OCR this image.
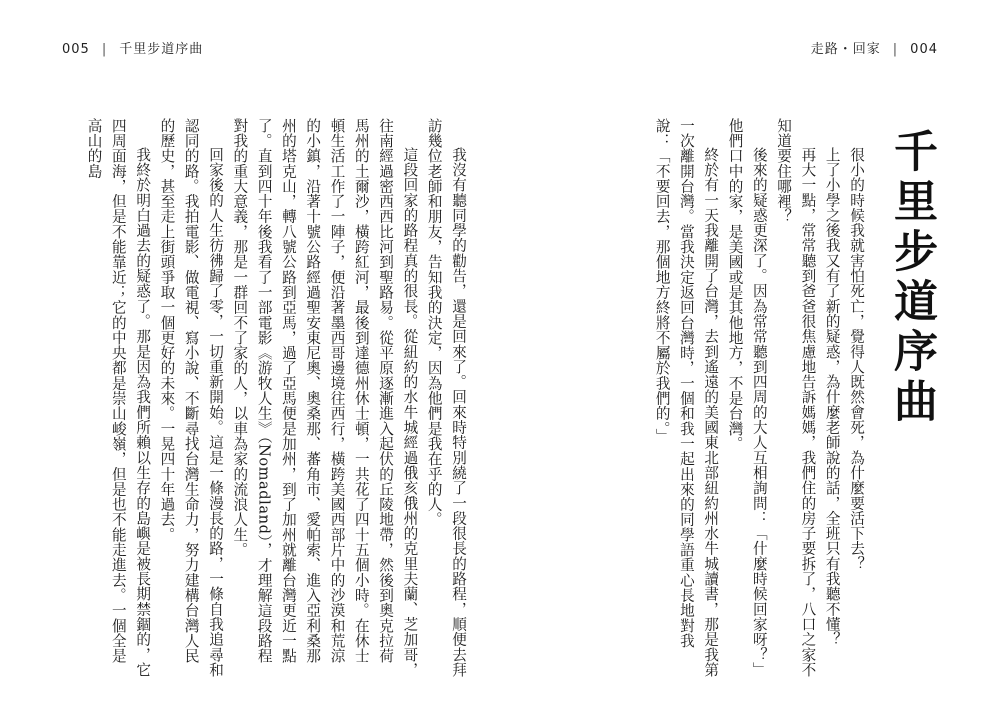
005 | 千里步道序曲	走路・回家 | 004
我沒有聽同學的勸告，還是回來了。回來時特別繞了一段很長的路程，順便去拜訪幾位老師和朋友，告知我的決定，因為他們是我在乎的人。
這段回家的路程真的很長。從紐約的水牛城經過俄亥俄州的克里夫蘭、芝加哥，往南經過密西西比河到聖路易。從平原逐漸進入起伏的丘陵地帶，然後到奧克拉荷馬州的土爾沙，橫跨紅河，最後到達德州休士頓，一共花了四十五個小時。在休士頓生活工作了一陣子，便沿著墨西哥邊境往西行，橫跨美國西部片中的沙漠和荒涼的小鎮，沿著十號公路經過聖安東尼奧、奧桑那、蕃角市、愛帕索、進入亞利桑那州的塔克山，轉八號公路到亞馬，過了亞馬便是加州，到了加州就離台灣更近一點了。直到四十年後我看了一部電影《游牧人生》（Nomadland），才理解這段路程對我的重大意義，那是一群回不了家的人，以車為家的流浪人生。
回家後的人生彷彿歸了零，一切重新開始。這是一條漫長的路，一條自我追尋和認同的路。我拍電影、做電視、寫小說、不斷尋找台灣生命力，努力建構台灣人民的歷史，甚至走上街頭爭取一個更好的未來。一晃四十年過去。
我終於明白過去的疑惑了。那是因為我們所賴以生存的島嶼是被長期禁錮的，它四周面海，但是不能靠近；它的中央都是崇山峻嶺，但是也不能走進去。一個全是高山的島	千里步道序曲
很小的時候我就害怕死亡，覺得人既然會死，為什麼要活下去？
上了小學之後我又有了新的疑惑，為什麼老師說的話，全班只有我聽不懂？
再大一點，常常聽到爸爸很焦慮地告訴媽媽，我們住的房子要拆了，八口之家不知道要住哪裡？
後來的疑惑更深了。因為常常聽到四周的大人互相詢問：「什麼時候回家呀？」他們口中的家，是美國或是其他地方，不是台灣。
終於有一天我離開了台灣，去到遙遠的美國東北部紐約州水牛城讀書，那是我第一次離開台灣。當我決定返回台灣時，一個和我一起出來的同學語重心長地對我說：「不要回去，那個地方終將不屬於我們的。」
